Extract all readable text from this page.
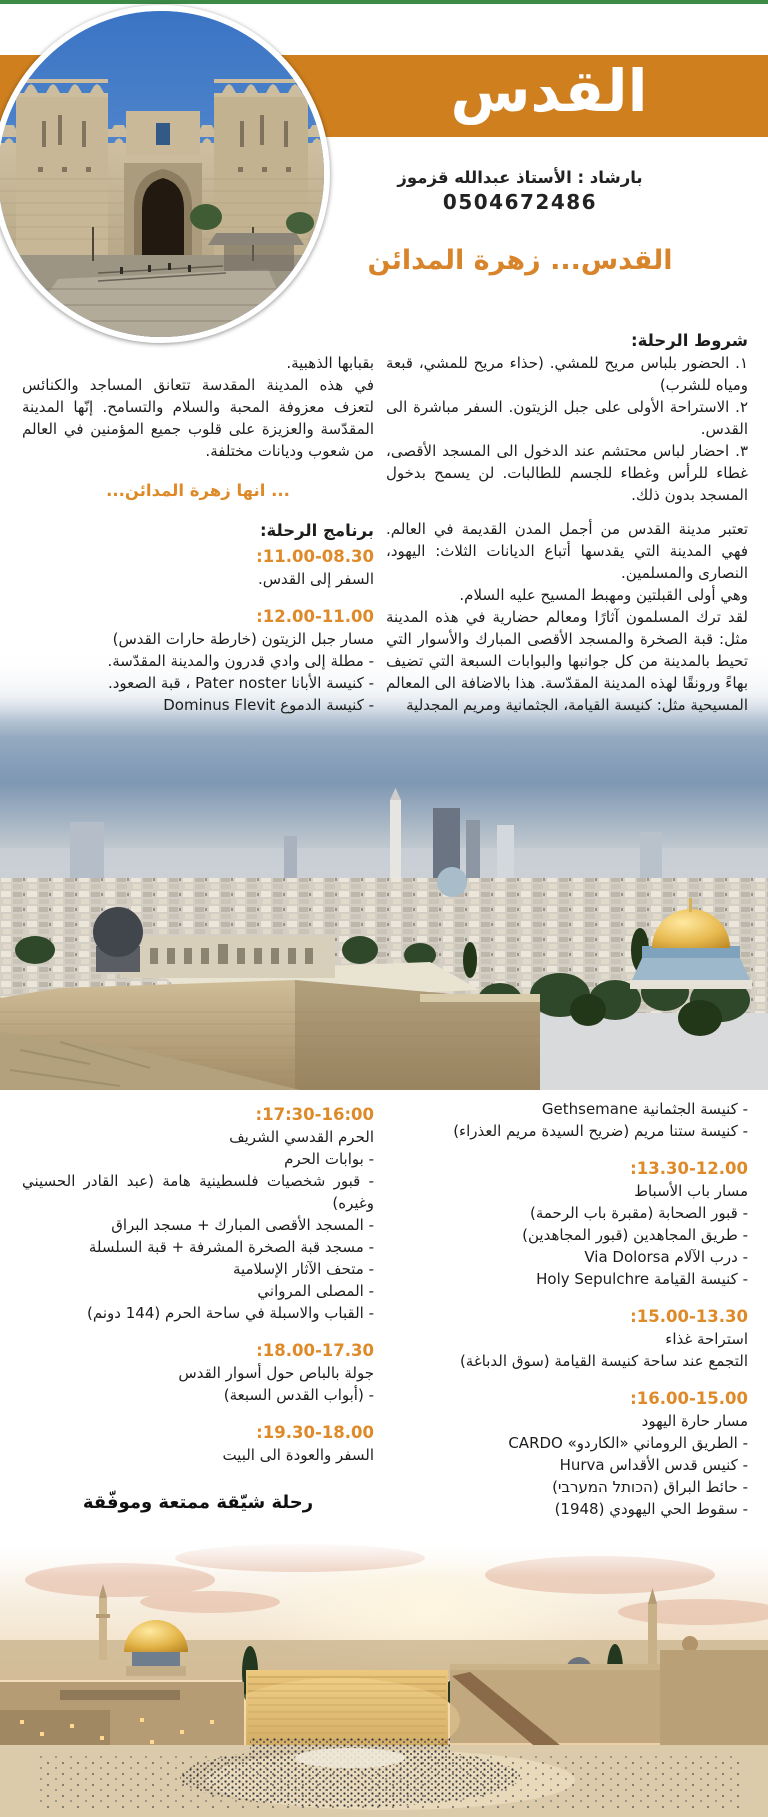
القدس
بارشاد : الأستاذ عبدالله قزموز
0504672486
القدس... زهرة المدائن

شروط الرحلة:

١. الحضور بلباس مريح للمشي. (حذاء مريح للمشي، قبعة ومياه للشرب)

٢. الاستراحة الأولى على جبل الزيتون. السفر مباشرة الى القدس.

٣. احضار لباس محتشم عند الدخول الى المسجد الأقصى، غطاء للرأس وغطاء للجسم للطالبات. لن يسمح بدخول المسجد بدون ذلك.

تعتبر مدينة القدس من أجمل المدن القديمة في العالم. فهي المدينة التي يقدسها أتباع الديانات الثلاث: اليهود، النصارى والمسلمين.

وهي أولى القبلتين ومهبط المسيح عليه السلام.

لقد ترك المسلمون آثارًا ومعالم حضارية في هذه المدينة مثل: قبة الصخرة والمسجد الأقصى المبارك والأسوار التي تحيط بالمدينة من كل جوانبها والبوابات السبعة التي تضيف بهاءً ورونقًا لهذه المدينة المقدّسة. هذا بالاضافة الى المعالم المسيحية مثل: كنيسة القيامة، الجثمانية ومريم المجدلية

بقبابها الذهبية.

في هذه المدينة المقدسة تتعانق المساجد والكنائس لتعزف معزوفة المحبة والسلام والتسامح. إنّها المدينة المقدّسة والعزيزة على قلوب جميع المؤمنين في العالم من شعوب وديانات مختلفة.

... انها زهرة المدائن...

برنامج الرحلة:

11.00-08.30:

السفر إلى القدس.

12.00-11.00:

مسار جبل الزيتون (خارطة حارات القدس)

- مطلة إلى وادي قدرون والمدينة المقدّسة.

- كنيسة الأبانا Pater noster ، قبة الصعود.

- كنيسة الدموع Dominus Flevit

- كنيسة الجثمانية Gethsemane

- كنيسة ستنا مريم (ضريح السيدة مريم العذراء)

13.30-12.00:

مسار باب الأسباط

- قبور الصحابة (مقبرة باب الرحمة)

- طريق المجاهدين (قبور المجاهدين)

- درب الآلام Via Dolorsa

- كنيسة القيامة Holy Sepulchre

15.00-13.30:

استراحة غذاء

التجمع عند ساحة كنيسة القيامة (سوق الدباغة)

16.00-15.00:

مسار حارة اليهود

- الطريق الروماني «الكاردو» CARDO

- كنيس قدس الأقداس Hurva

- حائط البراق (הכותל המערבי)

- سقوط الحي اليهودي (1948)

17:30-16:00:

الحرم القدسي الشريف

- بوابات الحرم

- قبور شخصيات فلسطينية هامة (عبد القادر الحسيني وغيره)

- المسجد الأقصى المبارك + مسجد البراق

- مسجد قبة الصخرة المشرفة + قبة السلسلة

- متحف الآثار الإسلامية

- المصلى المرواني

- القباب والاسبلة في ساحة الحرم (144 دونم)

18.00-17.30:

جولة بالباص حول أسوار القدس

- (أبواب القدس السبعة)

19.30-18.00:

السفر والعودة الى البيت

رحلة شيّقة ممتعة وموفّقة
